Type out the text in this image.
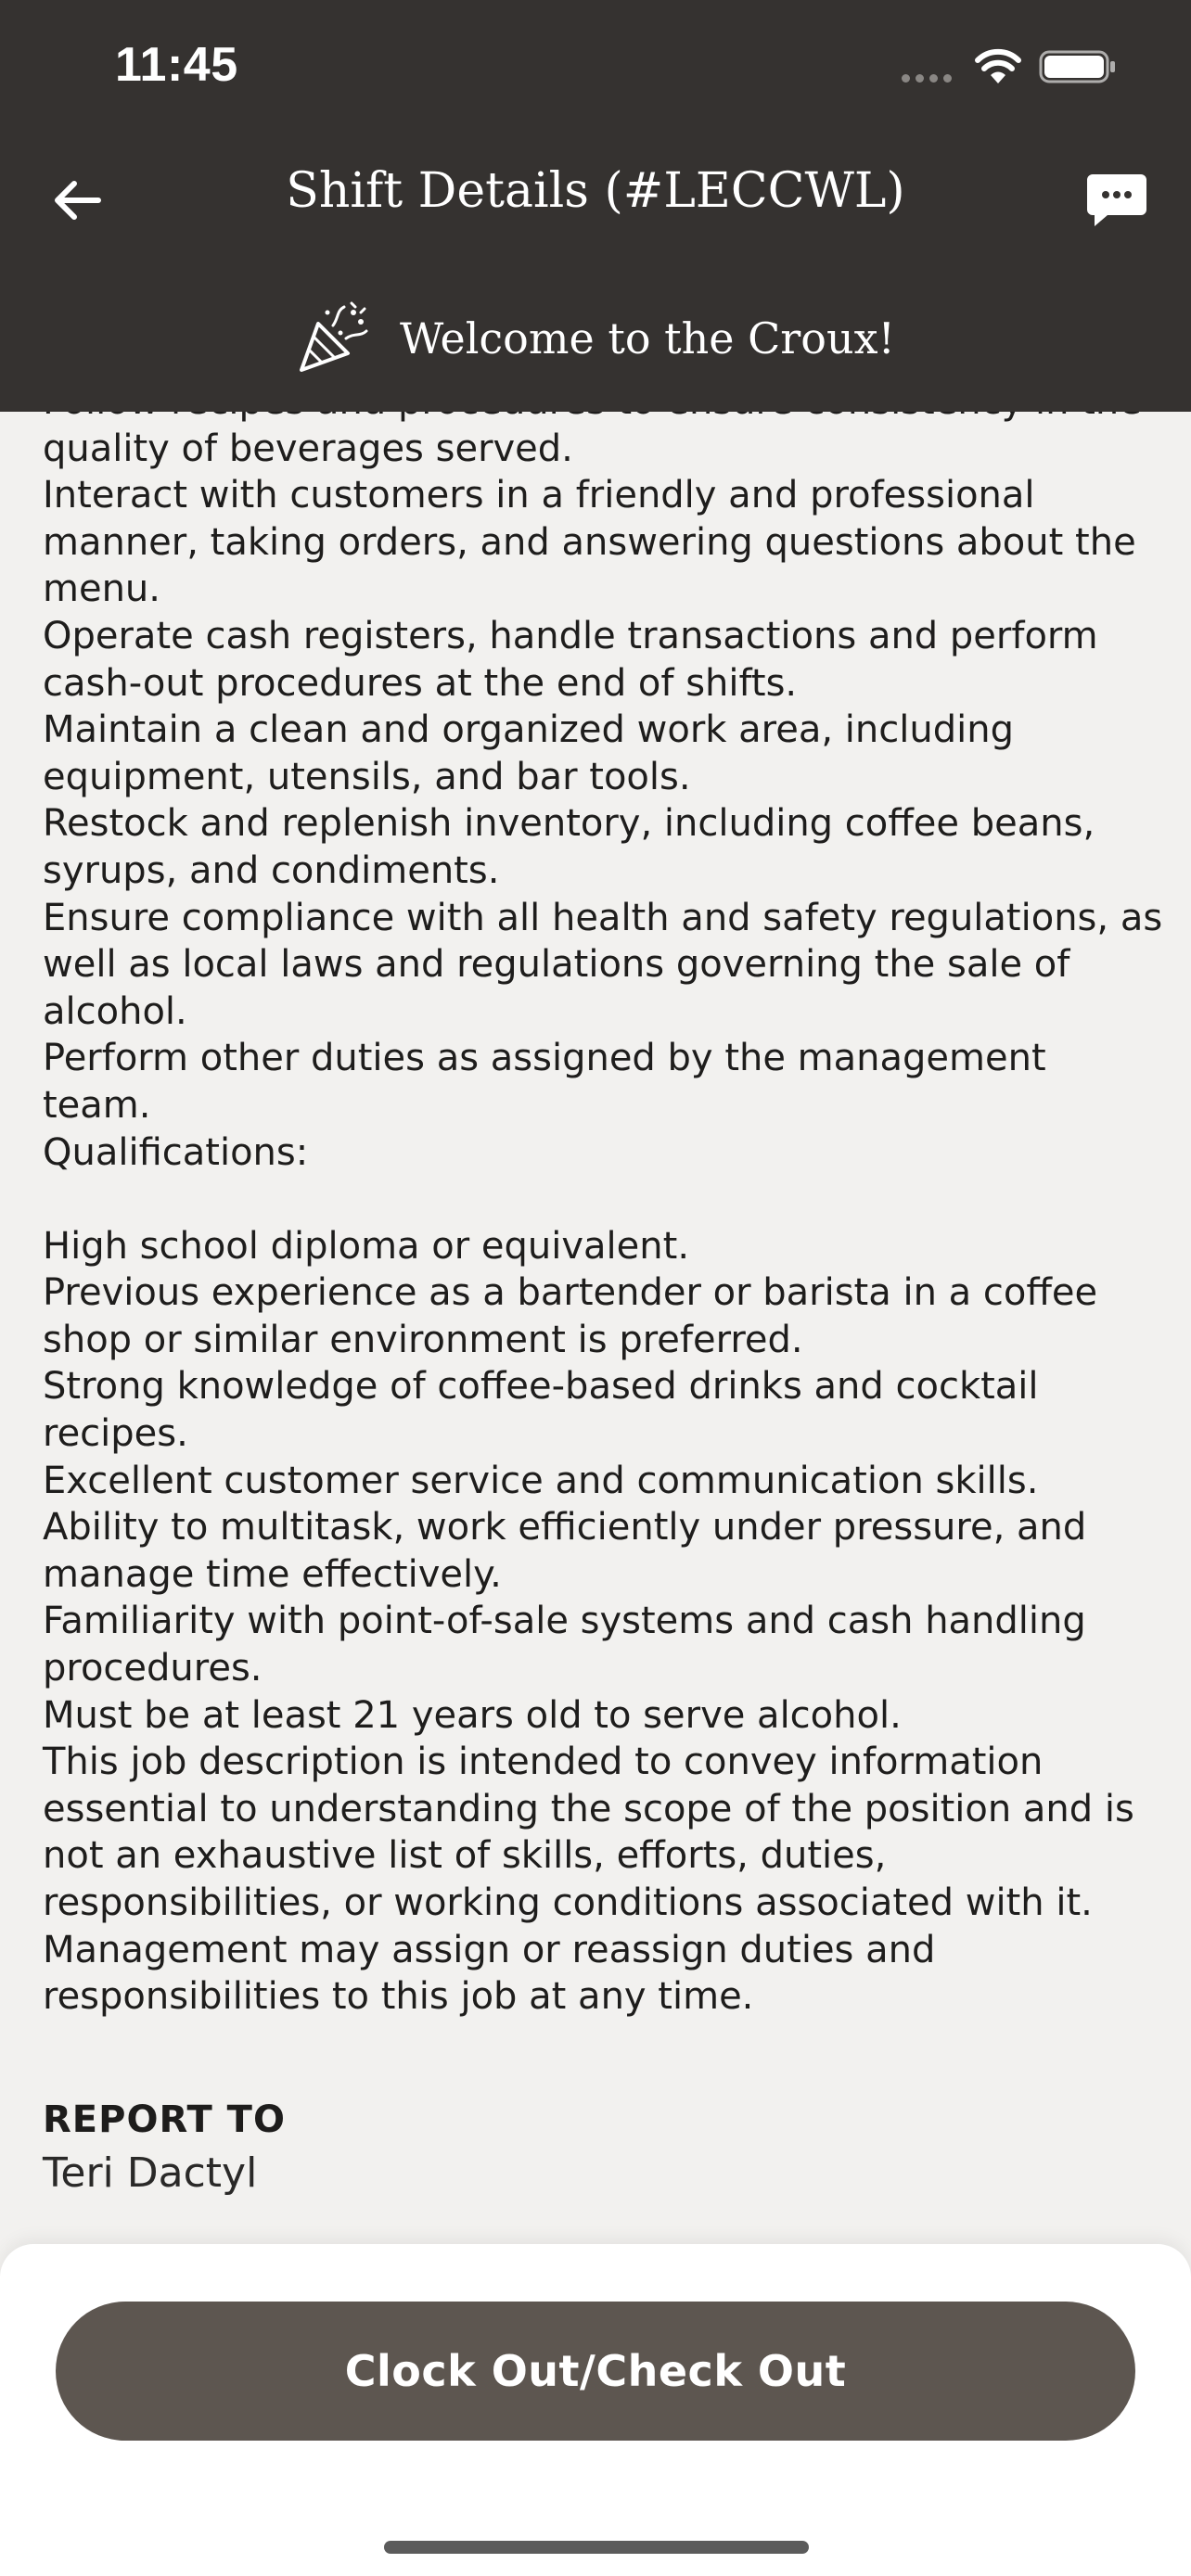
11:45
Shift Details (#LECCWL)
Welcome to the Croux!
quality of beverages served.
Interact with customers in a friendly and professional
manner, taking orders, and answering questions about the
menu.
Operate cash registers, handle transactions and perform
cash-out procedures at the end of shifts.
Maintain a clean and organized work area, including
equipment, utensils, and bar tools.
Restock and replenish inventory, including coffee beans,
syrups, and condiments.
Ensure compliance with all health and safety regulations, as
well as local laws and regulations governing the sale of
alcohol.
Perform other duties as assigned by the management
team.
Qualifications:
High school diploma or equivalent.
Previous experience as a bartender or barista in a coffee
shop or similar environment is preferred.
Strong knowledge of coffee-based drinks and cocktail
recipes.
Excellent customer service and communication skills.
Ability to multitask, work efficiently under pressure, and
manage time effectively.
Familiarity with point-of-sale systems and cash handling
procedures.
Must be at least 21 years old to serve alcohol.
This job description is intended to convey information
essential to understanding the scope of the position and is
not an exhaustive list of skills, efforts, duties,
responsibilities, or working conditions associated with it.
Management may assign or reassign duties and
responsibilities to this job at any time.
REPORT TO
Teri Dactyl
Clock Out/Check Out
